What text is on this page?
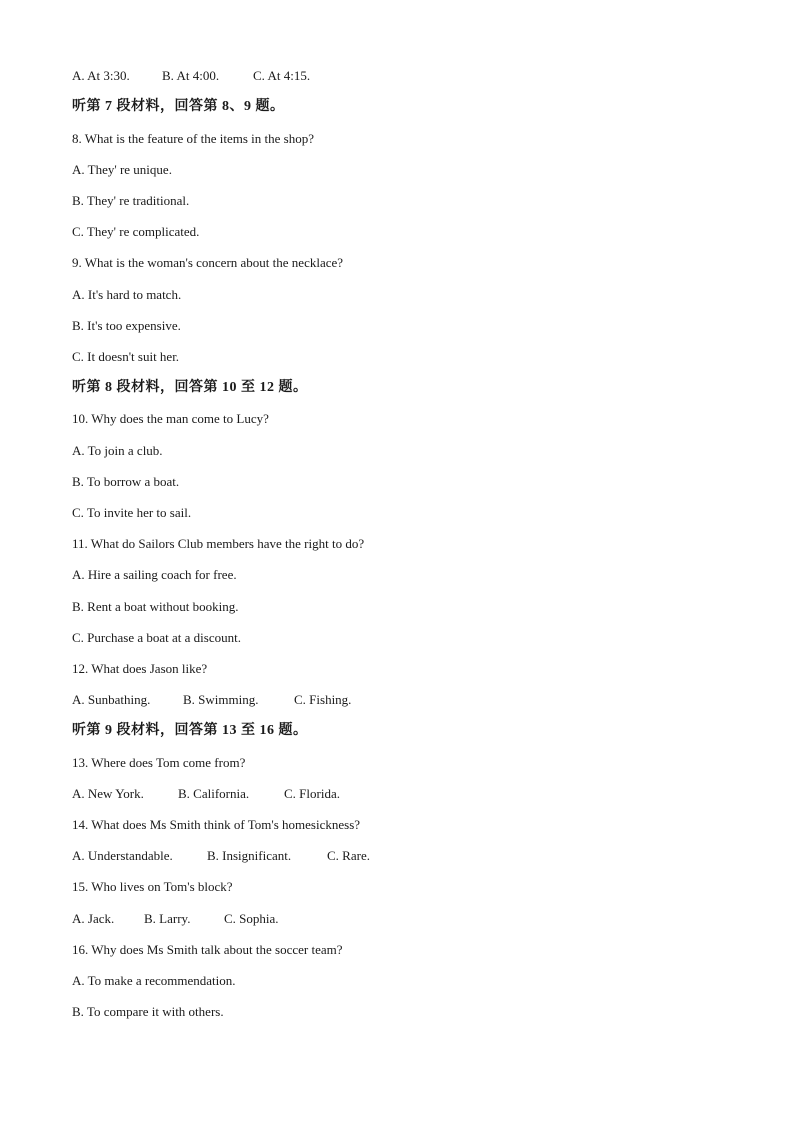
A. At 3:30. B. At 4:00.	C. At 4:15.
听第 7 段材料，回答第 8、9 题。
8. What is the feature of the items in the shop?
A. They' re unique.
B. They' re traditional.
C. They' re complicated.
9. What is the woman's concern about the necklace?
A. It's hard to match.
B. It's too expensive.
C. It doesn't suit her.
听第 8 段材料，回答第 10 至 12 题。
10. Why does the man come to Lucy?
A. To join a club.
B. To borrow a boat.
C. To invite her to sail.
11. What do Sailors Club members have the right to do?
A. Hire a sailing coach for free.
B. Rent a boat without booking.
C. Purchase a boat at a discount.
12. What does Jason like?
A. Sunbathing.	B. Swimming.	C. Fishing.
听第 9 段材料，回答第 13 至 16 题。
13. Where does Tom come from?
A. New York.	B. California.	C. Florida.
14. What does Ms Smith think of Tom's homesickness?
A. Understandable.	B. Insignificant.	C. Rare.
15. Who lives on Tom's block?
A. Jack. B. Larry.	C. Sophia.
16. Why does Ms Smith talk about the soccer team?
A. To make a recommendation.
B. To compare it with others.
